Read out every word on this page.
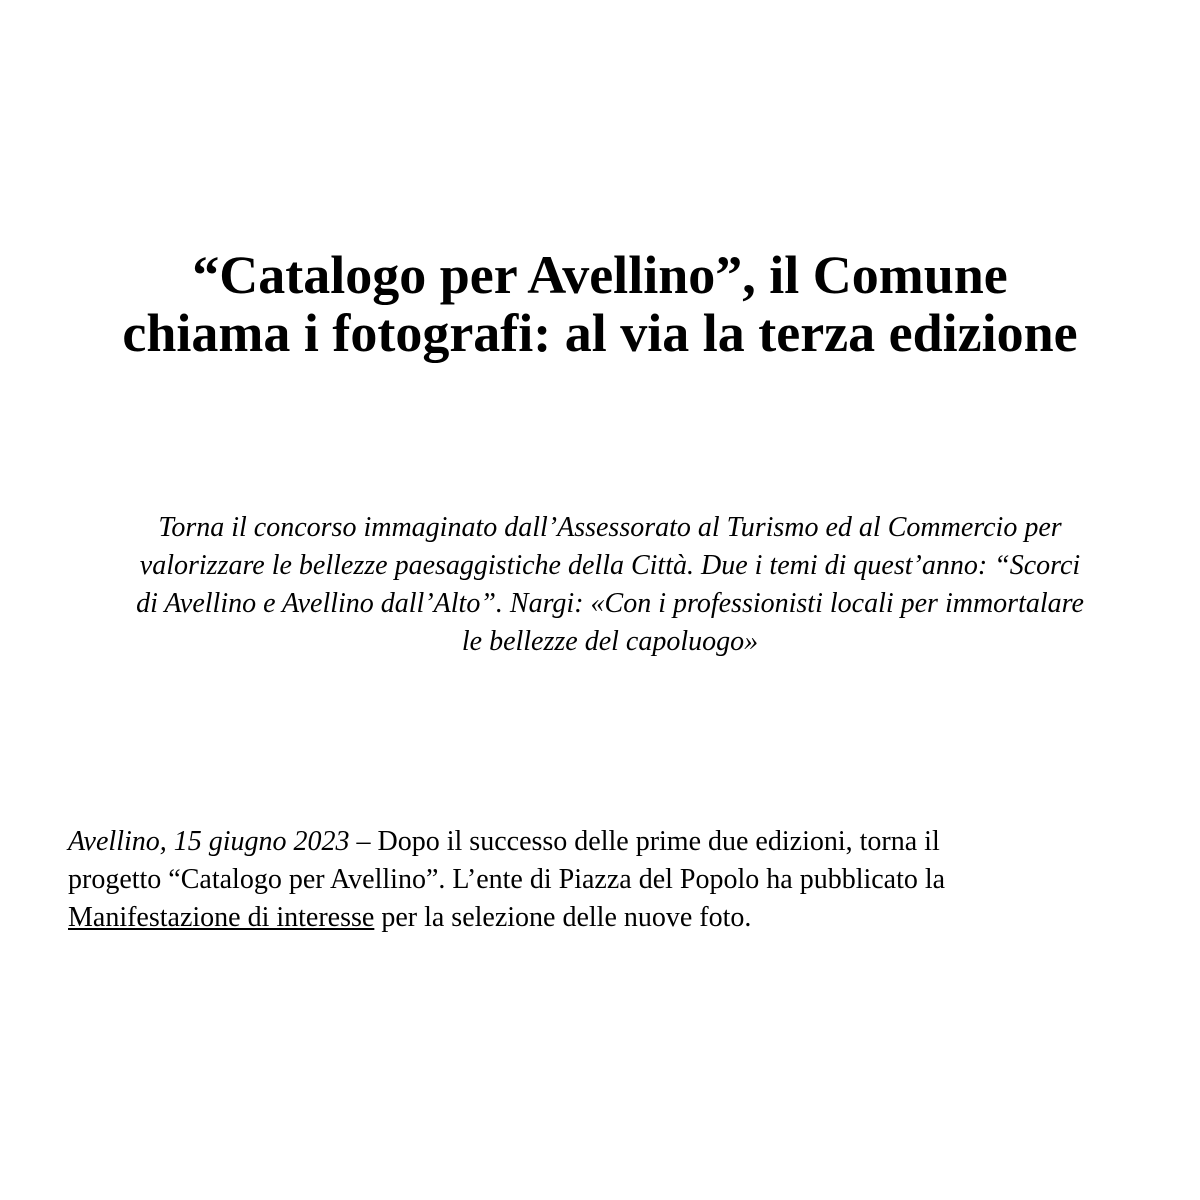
“Catalogo per Avellino”, il Comune
chiama i fotografi: al via la terza edizione

Torna il concorso immaginato dall’Assessorato al Turismo ed al Commercio per
valorizzare le bellezze paesaggistiche della Città. Due i temi di quest’anno: “Scorci
di Avellino e Avellino dall’Alto”. Nargi: «Con i professionisti locali per immortalare
le bellezze del capoluogo»

Avellino, 15 giugno 2023 – Dopo il successo delle prime due edizioni, torna il
progetto “Catalogo per Avellino”. L’ente di Piazza del Popolo ha pubblicato la
Manifestazione di interesse per la selezione delle nuove foto.
